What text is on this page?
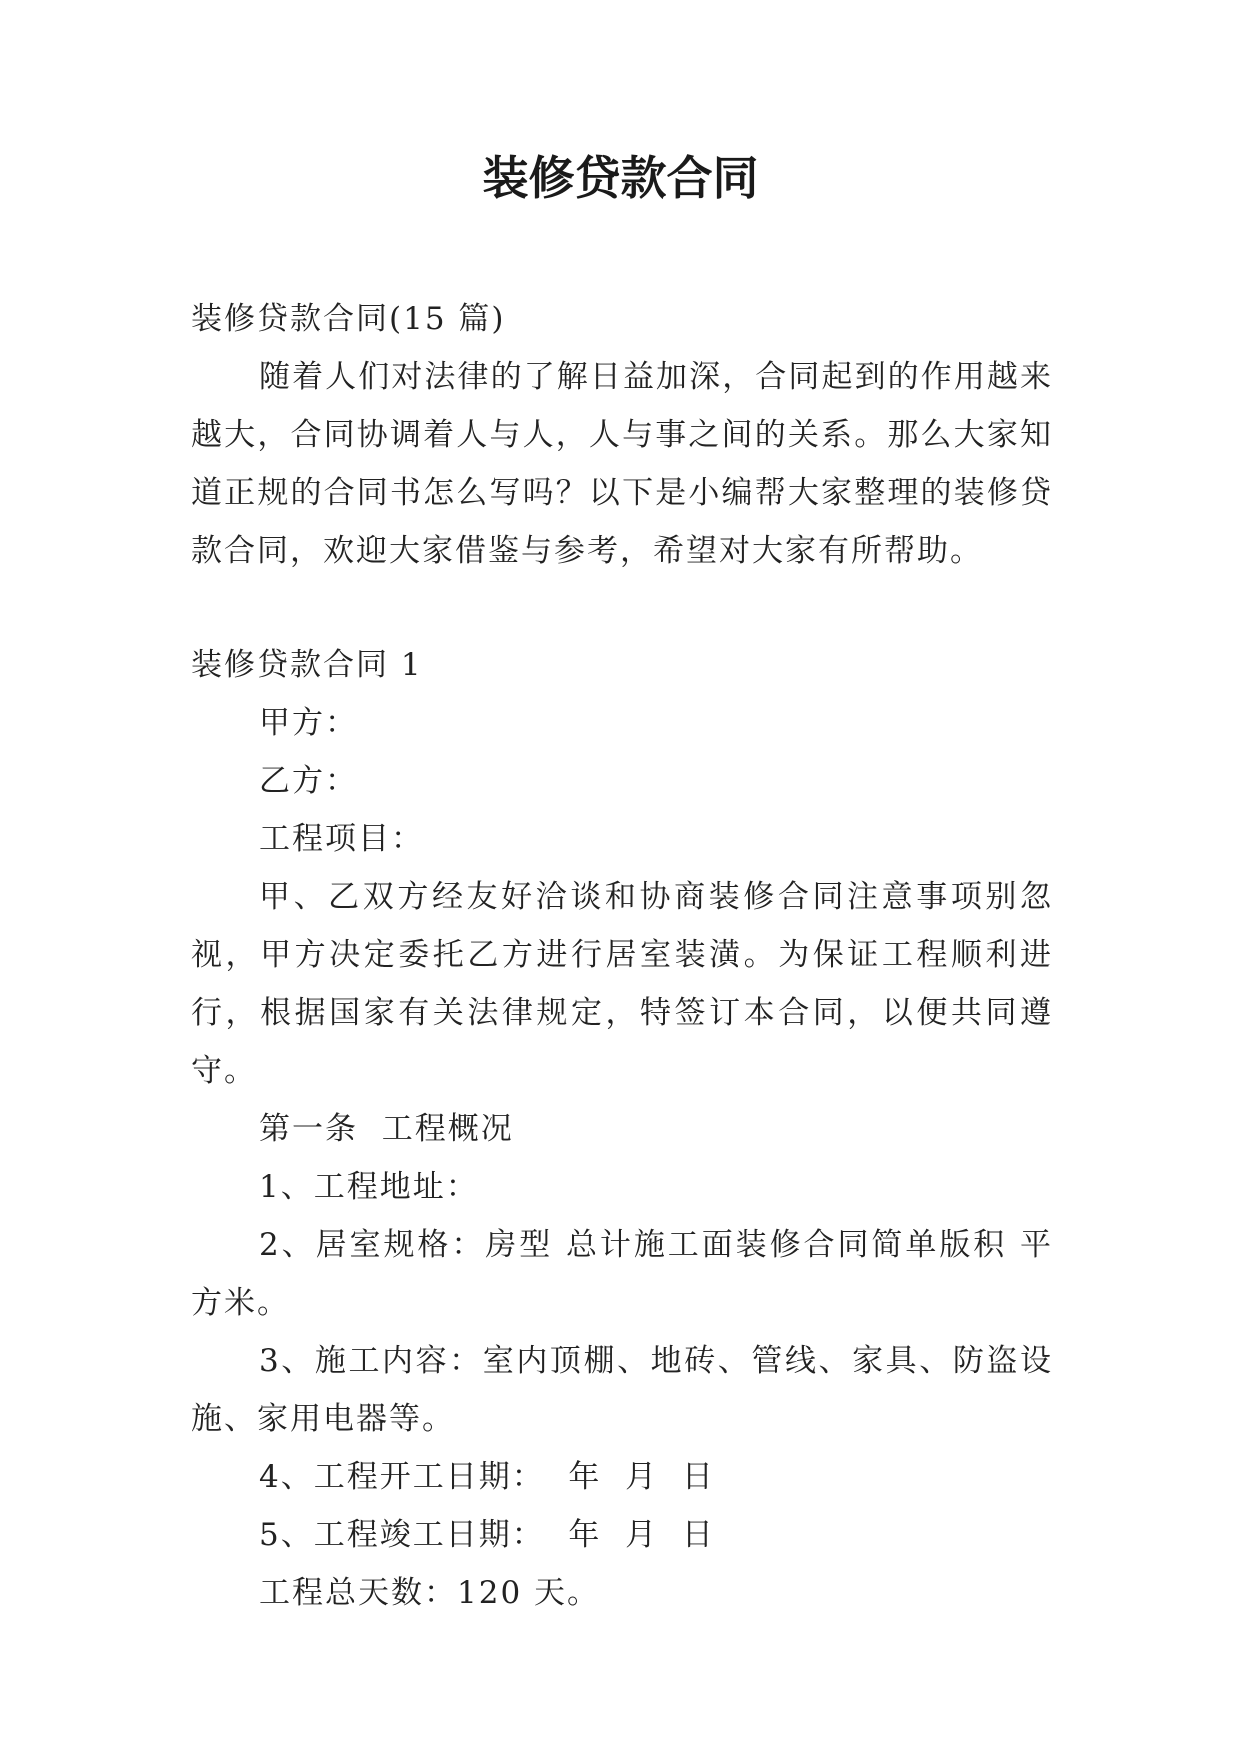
装修贷款合同
装修贷款合同(15 篇)

随着人们对法律的了解日益加深，合同起到的作用越来越大，合同协调着人与人，人与事之间的关系。那么大家知道正规的合同书怎么写吗？以下是小编帮大家整理的装修贷款合同，欢迎大家借鉴与参考，希望对大家有所帮助。

装修贷款合同 1

甲方：

乙方：

工程项目：

甲、乙双方经友好洽谈和协商装修合同注意事项别忽视，甲方决定委托乙方进行居室装潢。为保证工程顺利进行，根据国家有关法律规定，特签订本合同，以便共同遵守。

第一条  工程概况

1、工程地址：

2、居室规格：房型 总计施工面装修合同简单版积 平方米。

3、施工内容：室内顶棚、地砖、管线、家具、防盗设施、家用电器等。

4、工程开工日期：  年  月  日

5、工程竣工日期：  年  月  日

工程总天数：120 天。
